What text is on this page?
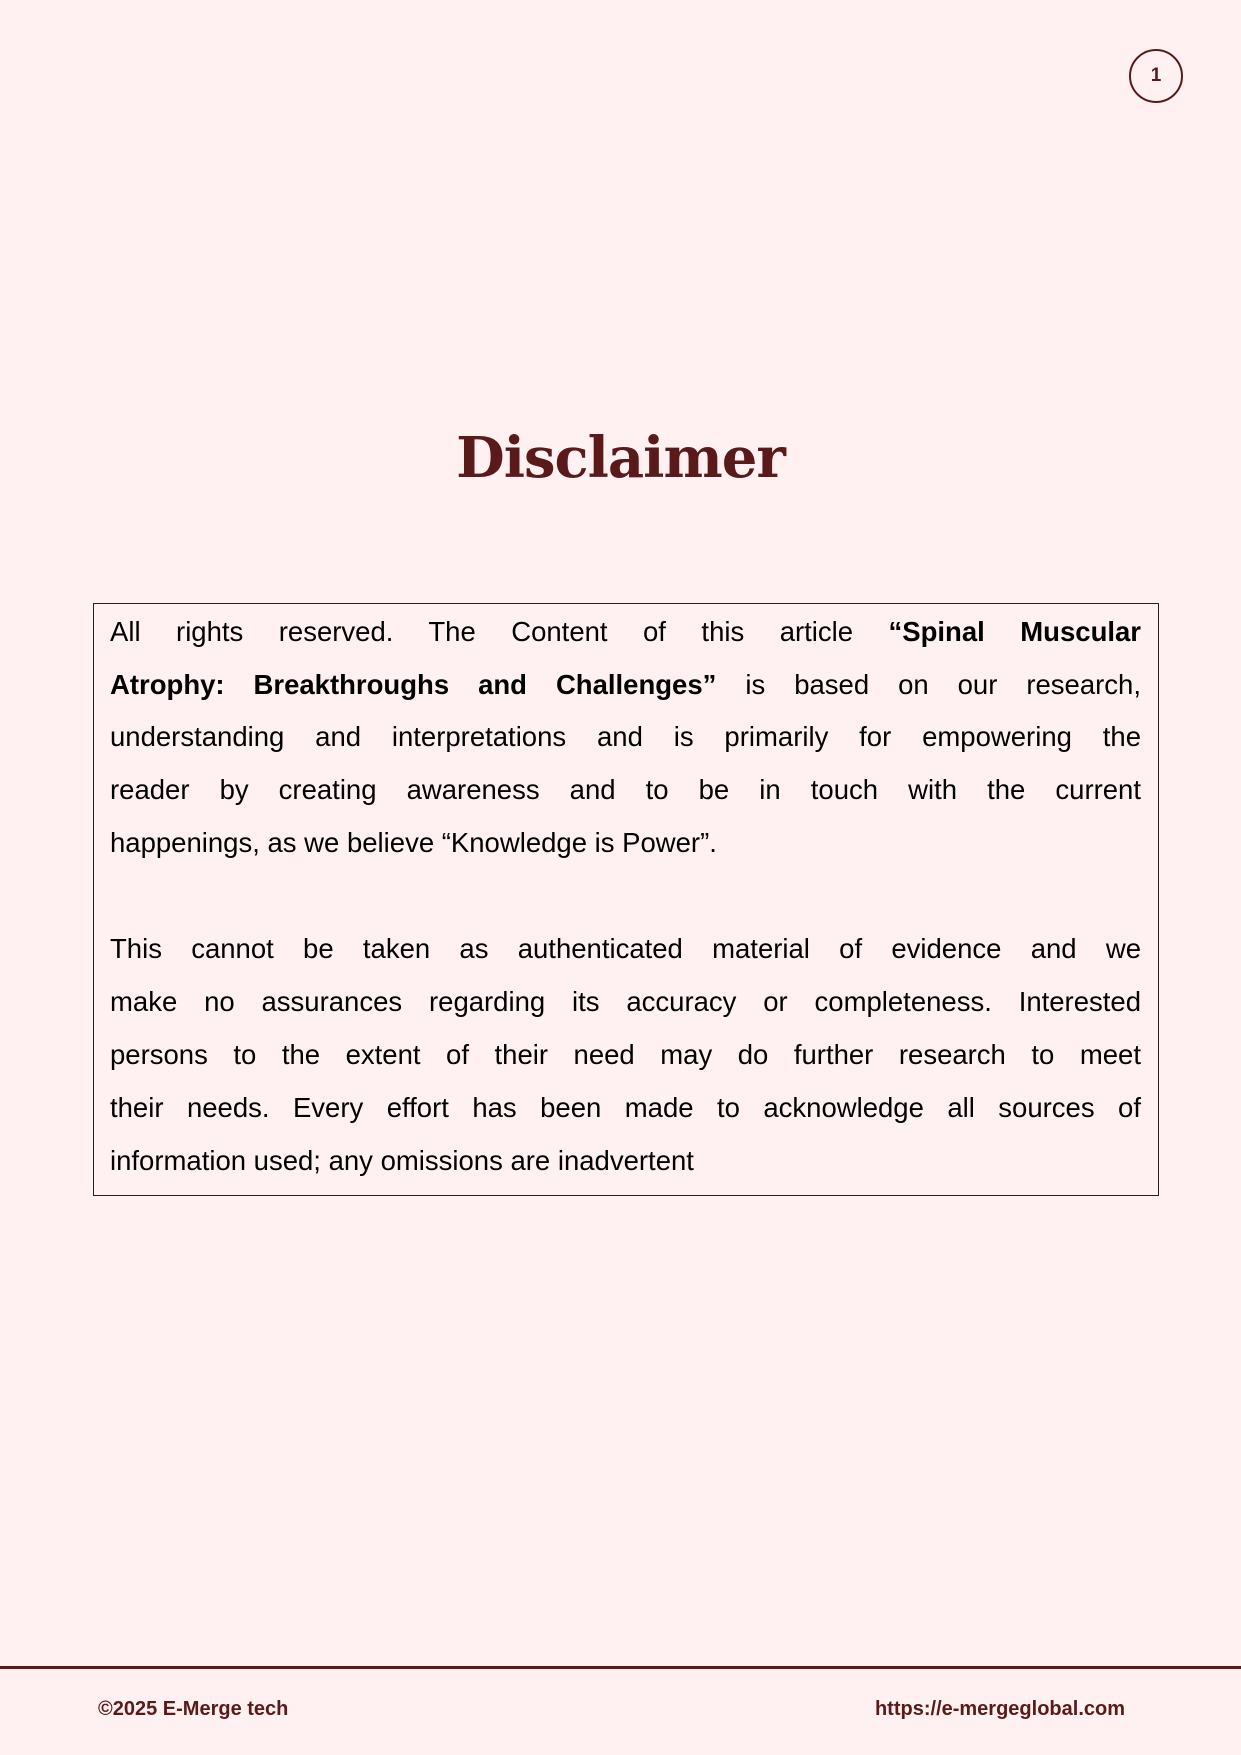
1
Disclaimer
All rights reserved. The Content of this article “Spinal Muscular
Atrophy: Breakthroughs and Challenges” is based on our research,
understanding and interpretations and is primarily for empowering the
reader by creating awareness and to be in touch with the current
happenings, as we believe “Knowledge is Power”.
This cannot be taken as authenticated material of evidence and we
make no assurances regarding its accuracy or completeness. Interested
persons to the extent of their need may do further research to meet
their needs. Every effort has been made to acknowledge all sources of
information used; any omissions are inadvertent
©2025 E-Merge tech	https://e-mergeglobal.com
